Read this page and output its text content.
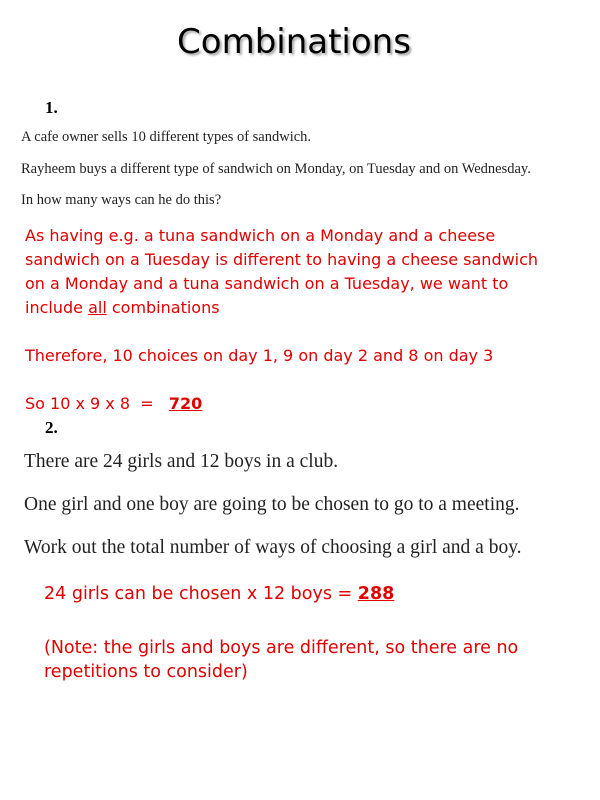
Combinations
1.
A cafe owner sells 10 different types of sandwich.
Rayheem buys a different type of sandwich on Monday, on Tuesday and on Wednesday.
In how many ways can he do this?
As having e.g. a tuna sandwich on a Monday and a cheese
sandwich on a Tuesday is different to having a cheese sandwich
on a Monday and a tuna sandwich on a Tuesday, we want to
include all combinations
Therefore, 10 choices on day 1, 9 on day 2 and 8 on day 3
So 10 x 9 x 8  =   720
2.
There are 24 girls and 12 boys in a club.
One girl and one boy are going to be chosen to go to a meeting.
Work out the total number of ways of choosing a girl and a boy.
24 girls can be chosen x 12 boys = 288
(Note: the girls and boys are different, so there are no
repetitions to consider)
